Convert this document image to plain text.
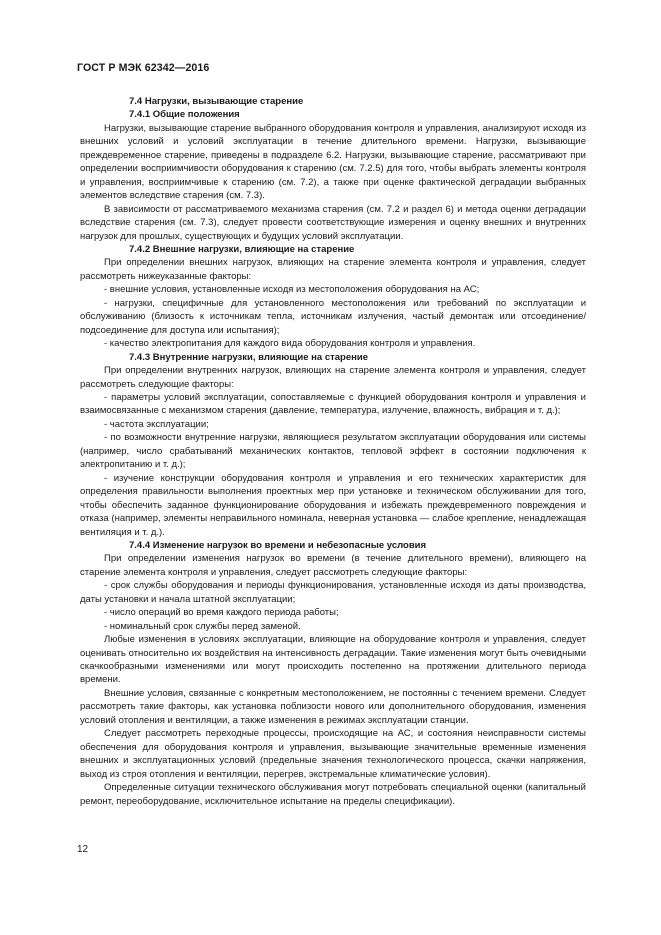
ГОСТ Р МЭК 62342—2016

7.4 Нагрузки, вызывающие старение

7.4.1 Общие положения

Нагрузки, вызывающие старение выбранного оборудования контроля и управления, анализируют исходя из внешних условий и условий эксплуатации в течение длительного времени. Нагрузки, вызывающие преждевременное старение, приведены в подразделе 6.2. Нагрузки, вызывающие старение, рассматривают при определении восприимчивости оборудования к старению (см. 7.2.5) для того, чтобы выбрать элементы контроля и управления, восприимчивые к старению (см. 7.2), а также при оценке фактической деградации выбранных элементов вследствие старения (см. 7.3).

В зависимости от рассматриваемого механизма старения (см. 7.2 и раздел 6) и метода оценки деградации вследствие старения (см. 7.3), следует провести соответствующие измерения и оценку внешних и внутренних нагрузок для прошлых, существующих и будущих условий эксплуатации.

7.4.2 Внешние нагрузки, влияющие на старение

При определении внешних нагрузок, влияющих на старение элемента контроля и управления, следует рассмотреть нижеуказанные факторы:

- внешние условия, установленные исходя из местоположения оборудования на АС;

- нагрузки, специфичные для установленного местоположения или требований по эксплуатации и обслуживанию (близость к источникам тепла, источникам излучения, частый демонтаж или отсоединение/подсоединение для доступа или испытания);

- качество электропитания для каждого вида оборудования контроля и управления.

7.4.3 Внутренние нагрузки, влияющие на старение

При определении внутренних нагрузок, влияющих на старение элемента контроля и управления, следует рассмотреть следующие факторы:

- параметры условий эксплуатации, сопоставляемые с функцией оборудования контроля и управления и взаимосвязанные с механизмом старения (давление, температура, излучение, влажность, вибрация и т. д.);

- частота эксплуатации;

- по возможности внутренние нагрузки, являющиеся результатом эксплуатации оборудования или системы (например, число срабатываний механических контактов, тепловой эффект в состоянии подключения к электропитанию и т. д.);

- изучение конструкции оборудования контроля и управления и его технических характеристик для определения правильности выполнения проектных мер при установке и техническом обслуживании для того, чтобы обеспечить заданное функционирование оборудования и избежать преждевременного повреждения и отказа (например, элементы неправильного номинала, неверная установка — слабое крепление, ненадлежащая вентиляция и т. д.).

7.4.4 Изменение нагрузок во времени и небезопасные условия

При определении изменения нагрузок во времени (в течение длительного времени), влияющего на старение элемента контроля и управления, следует рассмотреть следующие факторы:

- срок службы оборудования и периоды функционирования, установленные исходя из даты производства, даты установки и начала штатной эксплуатации;

- число операций во время каждого периода работы;

- номинальный срок службы перед заменой.

Любые изменения в условиях эксплуатации, влияющие на оборудование контроля и управления, следует оценивать относительно их воздействия на интенсивность деградации. Такие изменения могут быть очевидными скачкообразными изменениями или могут происходить постепенно на протяжении длительного периода времени.

Внешние условия, связанные с конкретным местоположением, не постоянны с течением времени. Следует рассмотреть такие факторы, как установка поблизости нового или дополнительного оборудования, изменения условий отопления и вентиляции, а также изменения в режимах эксплуатации станции.

Следует рассмотреть переходные процессы, происходящие на АС, и состояния неисправности системы обеспечения для оборудования контроля и управления, вызывающие значительные временные изменения внешних и эксплуатационных условий (предельные значения технологического процесса, скачки напряжения, выход из строя отопления и вентиляции, перегрев, экстремальные климатические условия).

Определенные ситуации технического обслуживания могут потребовать специальной оценки (капитальный ремонт, переоборудование, исключительное испытание на пределы спецификации).

12
